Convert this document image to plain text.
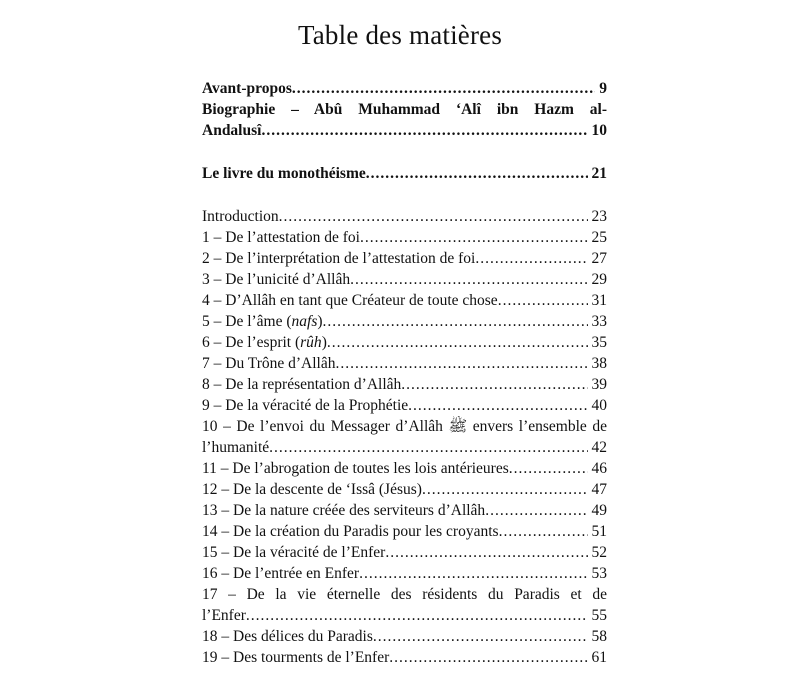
Table des matières
Avant-propos .....	9
Biographie – Abû Muhammad ‘Alî ibn Hazm al-
Andalusî .....	10
Le livre du monothéisme .....	21
Introduction .....	23
1 – De l’attestation de foi .....	25
2 – De l’interprétation de l’attestation de foi .....	27
3 – De l’unicité d’Allâh .....	29
4 – D’Allâh en tant que Créateur de toute chose .....	31
5 – De l’âme (nafs) .....	33
6 – De l’esprit (rûh) .....	35
7 – Du Trône d’Allâh .....	38
8 – De la représentation d’Allâh .....	39
9 – De la véracité de la Prophétie .....	40
10 – De l’envoi du Messager d’Allâh ﷺ envers l’ensemble de
l’humanité .....	42
11 – De l’abrogation de toutes les lois antérieures .....	46
12 – De la descente de ‘Issâ (Jésus) .....	47
13 – De la nature créée des serviteurs d’Allâh .....	49
14 – De la création du Paradis pour les croyants .....	51
15 – De la véracité de l’Enfer .....	52
16 – De l’entrée en Enfer .....	53
17 – De la vie éternelle des résidents du Paradis et de
l’Enfer .....	55
18 – Des délices du Paradis .....	58
19 – Des tourments de l’Enfer .....	61
